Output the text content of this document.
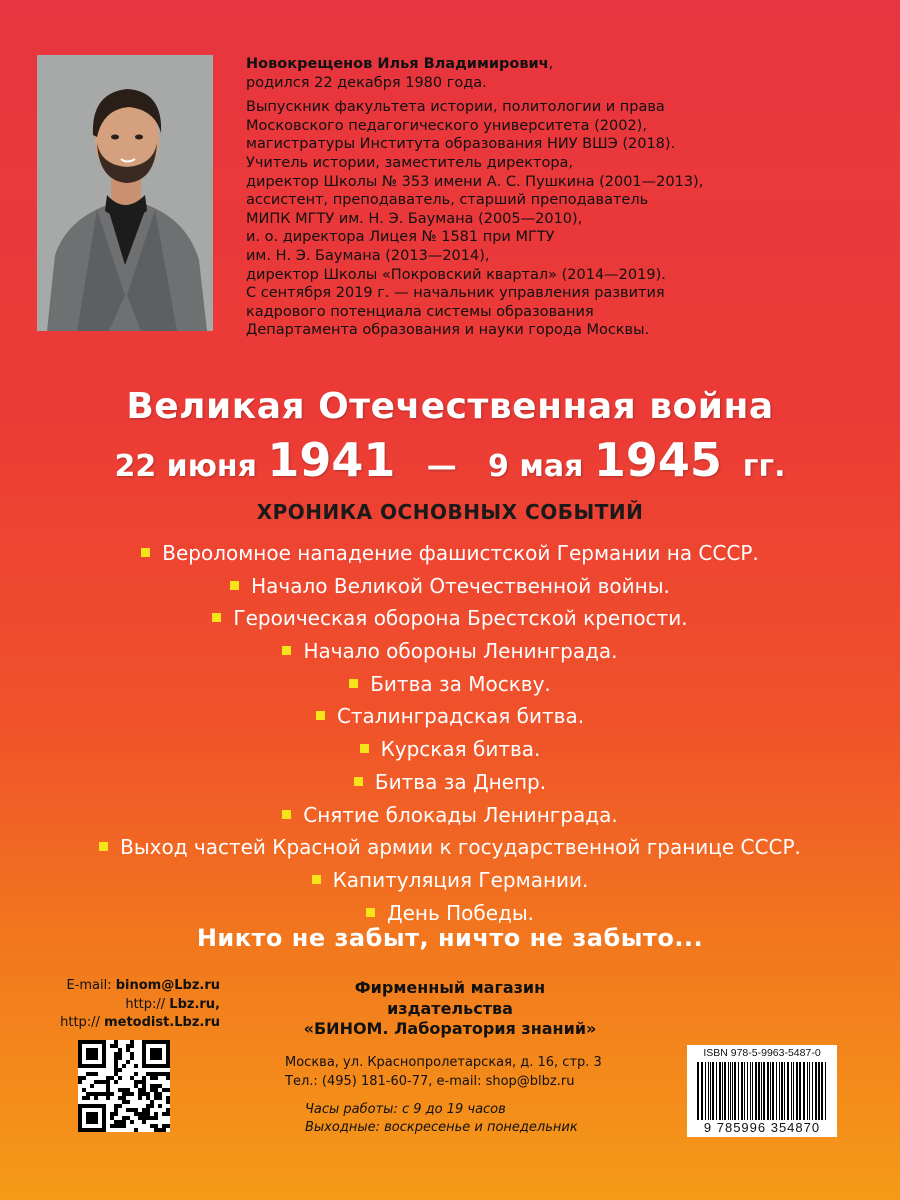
Новокрещенов Илья Владимирович,

родился 22 декабря 1980 года.

Выпускник факультета истории, политологии и права

Московского педагогического университета (2002),

магистратуры Института образования НИУ ВШЭ (2018).

Учитель истории, заместитель директора,

директор Школы № 353 имени А. С. Пушкина (2001—2013),

ассистент, преподаватель, старший преподаватель

МИПК МГТУ им. Н. Э. Баумана (2005—2010),

и. о. директора Лицея № 1581 при МГТУ

им. Н. Э. Баумана (2013—2014),

директор Школы «Покровский квартал» (2014—2019).

С сентября 2019 г. — начальник управления развития

кадрового потенциала системы образования

Департамента образования и науки города Москвы.

Великая Отечественная война
22 июня 1941 — 9 мая 1945 гг.
ХРОНИКА ОСНОВНЫХ СОБЫТИЙ
Вероломное нападение фашистской Германии на СССР.
Начало Великой Отечественной войны.
Героическая оборона Брестской крепости.
Начало обороны Ленинграда.
Битва за Москву.
Сталинградская битва.
Курская битва.
Битва за Днепр.
Снятие блокады Ленинграда.
Выход частей Красной армии к государственной границе СССР.
Капитуляция Германии.
День Победы.
Никто не забыт, ничто не забыто...
E-mail: binom@Lbz.ru
http:// Lbz.ru,
http:// metodist.Lbz.ru
Фирменный магазин
издательства
«БИНОМ. Лаборатория знаний»
Москва, ул. Краснопролетарская, д. 16, стр. 3
Тел.: (495) 181-60-77, e-mail: shop@blbz.ru
Часы работы: с 9 до 19 часов
Выходные: воскресенье и понедельник
ISBN 978-5-9963-5487-0
9 785996 354870
